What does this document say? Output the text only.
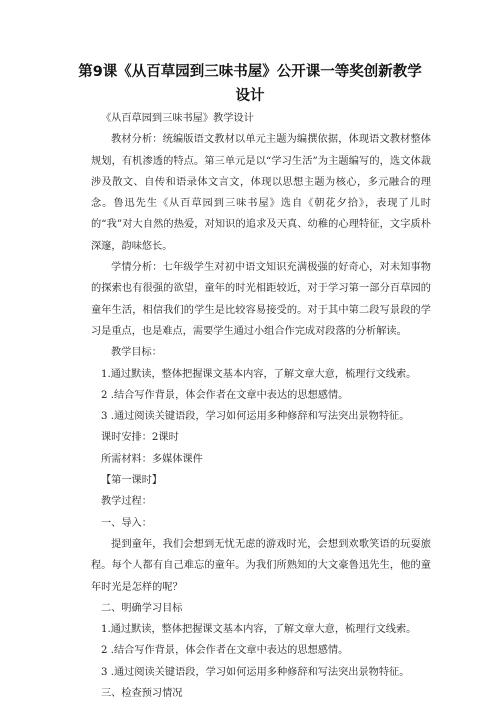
第9课《从百草园到三味书屋》公开课一等奖创新教学
设计

《从百草园到三味书屋》教学设计

教材分析：统编版语文教材以单元主题为编撰依据，体现语文教材整体规划，有机渗透的特点。第三单元是以“学习生活”为主题编写的，选文体裁涉及散文、自传和语录体文言文，体现以思想主题为核心，多元融合的理念。鲁迅先生《从百草园到三味书屋》选自《朝花夕拾》，表现了儿时的“我”对大自然的热爱，对知识的追求及天真、幼稚的心理特征，文字质朴深邃，韵味悠长。

学情分析：七年级学生对初中语文知识充满极强的好奇心，对未知事物的探索也有很强的欲望，童年的时光相距较近，对于学习第一部分百草园的童年生活，相信我们的学生是比较容易接受的。对于其中第二段写景段的学习是重点，也是难点，需要学生通过小组合作完成对段落的分析解读。

教学目标：

1.通过默读，整体把握课文基本内容，了解文章大意，梳理行文线索。

2 .结合写作背景，体会作者在文章中表达的思想感情。

3 .通过阅读关键语段，学习如何运用多种修辞和写法突出景物特征。

课时安排：2课时

所需材料：多媒体课件

【第一课时】

教学过程：

一、导入：

提到童年，我们会想到无忧无虑的游戏时光，会想到欢歌笑语的玩耍旅程。每个人都有自己难忘的童年。为我们所熟知的大文豪鲁迅先生，他的童年时光是怎样的呢？

二、明确学习目标

1.通过默读，整体把握课文基本内容，了解文章大意，梳理行文线索。

2 .结合写作背景，体会作者在文章中表达的思想感情。

3 .通过阅读关键语段，学习如何运用多种修辞和写法突出景物特征。

三、检查预习情况
